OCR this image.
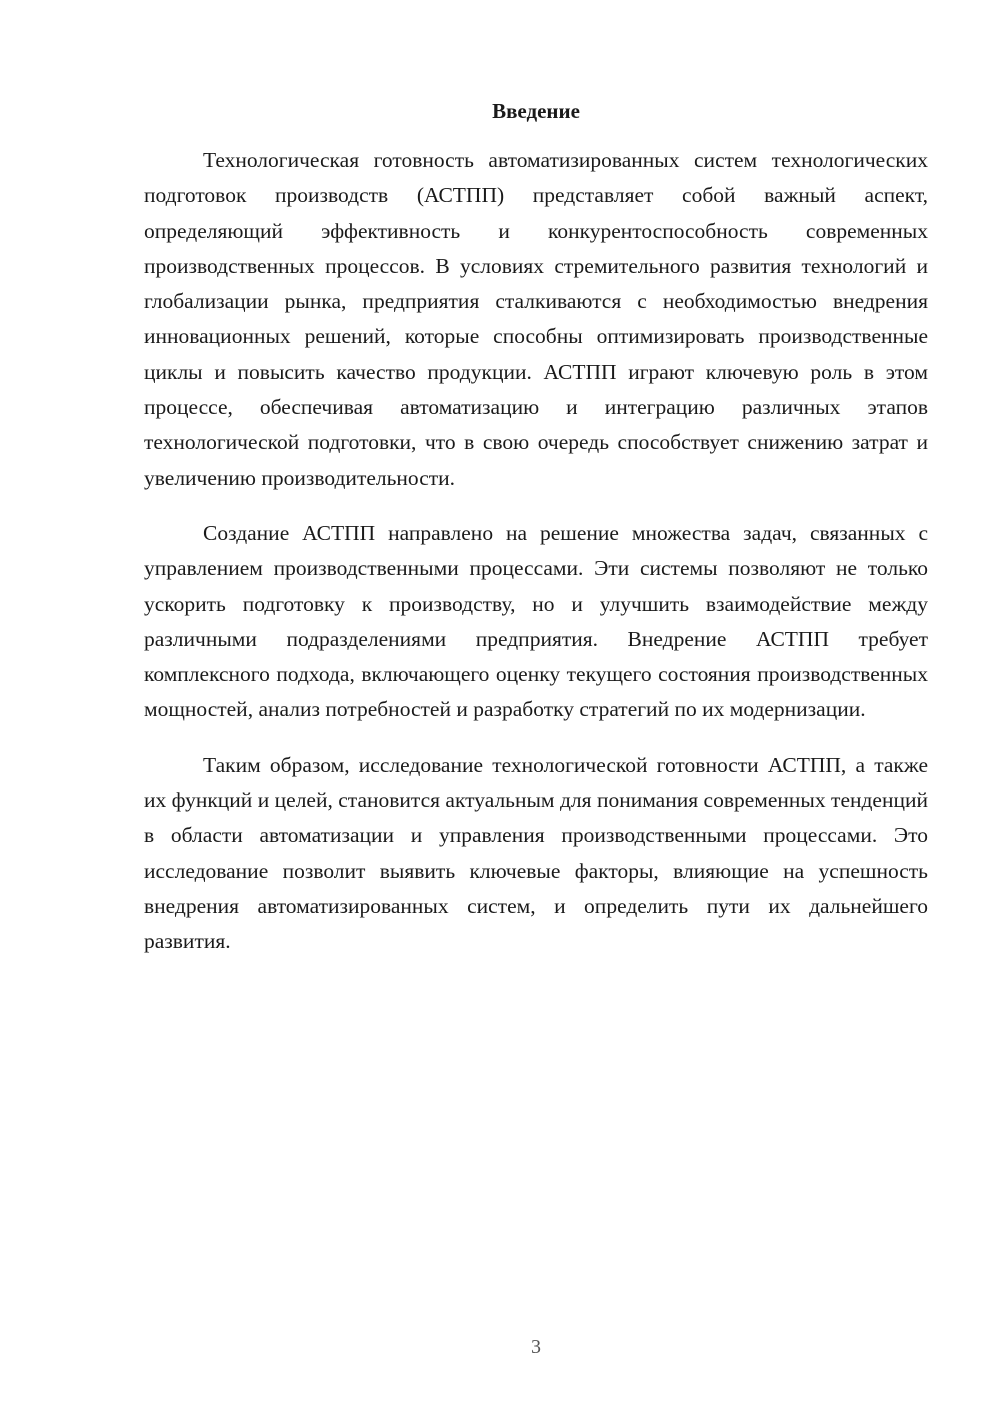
Введение

Технологическая готовность автоматизированных систем технологических подготовок производств (АСТПП) представляет собой важный аспект, определяющий эффективность и конкурентоспособность современных производственных процессов. В условиях стремительного развития технологий и глобализации рынка, предприятия сталкиваются с необходимостью внедрения инновационных решений, которые способны оптимизировать производственные циклы и повысить качество продукции. АСТПП играют ключевую роль в этом процессе, обеспечивая автоматизацию и интеграцию различных этапов технологической подготовки, что в свою очередь способствует снижению затрат и увеличению производительности.

Создание АСТПП направлено на решение множества задач, связанных с управлением производственными процессами. Эти системы позволяют не только ускорить подготовку к производству, но и улучшить взаимодействие между различными подразделениями предприятия. Внедрение АСТПП требует комплексного подхода, включающего оценку текущего состояния производственных мощностей, анализ потребностей и разработку стратегий по их модернизации.

Таким образом, исследование технологической готовности АСТПП, а также их функций и целей, становится актуальным для понимания современных тенденций в области автоматизации и управления производственными процессами. Это исследование позволит выявить ключевые факторы, влияющие на успешность внедрения автоматизированных систем, и определить пути их дальнейшего развития.

3
